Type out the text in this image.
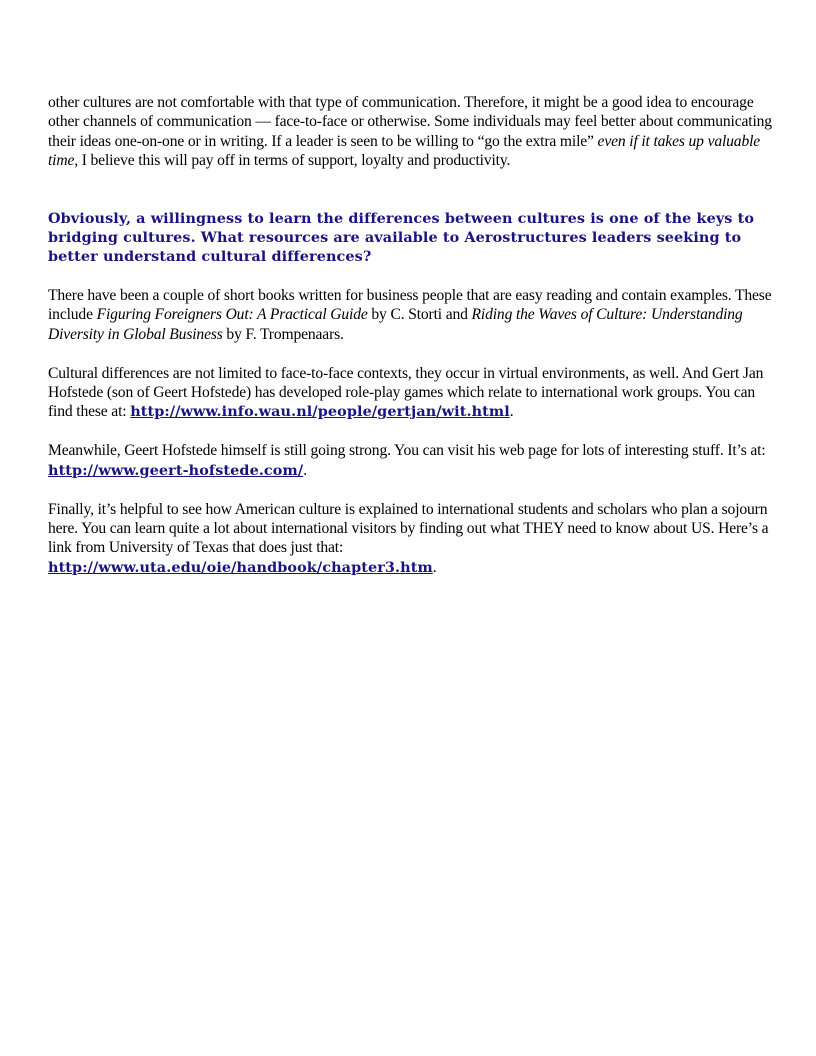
other cultures are not comfortable with that type of communication. Therefore, it might be a good idea to encourage other channels of communication — face-to-face or otherwise. Some individuals may feel better about communicating their ideas one-on-one or in writing. If a leader is seen to be willing to “go the extra mile” even if it takes up valuable time, I believe this will pay off in terms of support, loyalty and productivity.

Obviously, a willingness to learn the differences between cultures is one of the keys to bridging cultures. What resources are available to Aerostructures leaders seeking to better understand cultural differences?

There have been a couple of short books written for business people that are easy reading and contain examples. These include Figuring Foreigners Out: A Practical Guide by C. Storti and Riding the Waves of Culture: Understanding Diversity in Global Business by F. Trompenaars.

Cultural differences are not limited to face-to-face contexts, they occur in virtual environments, as well. And Gert Jan Hofstede (son of Geert Hofstede) has developed role-play games which relate to international work groups. You can find these at: http://www.info.wau.nl/people/gertjan/wit.html.

Meanwhile, Geert Hofstede himself is still going strong. You can visit his web page for lots of interesting stuff. It’s at: http://www.geert-hofstede.com/.

Finally, it’s helpful to see how American culture is explained to international students and scholars who plan a sojourn here. You can learn quite a lot about international visitors by finding out what THEY need to know about US. Here’s a link from University of Texas that does just that:
http://www.uta.edu/oie/handbook/chapter3.htm.
